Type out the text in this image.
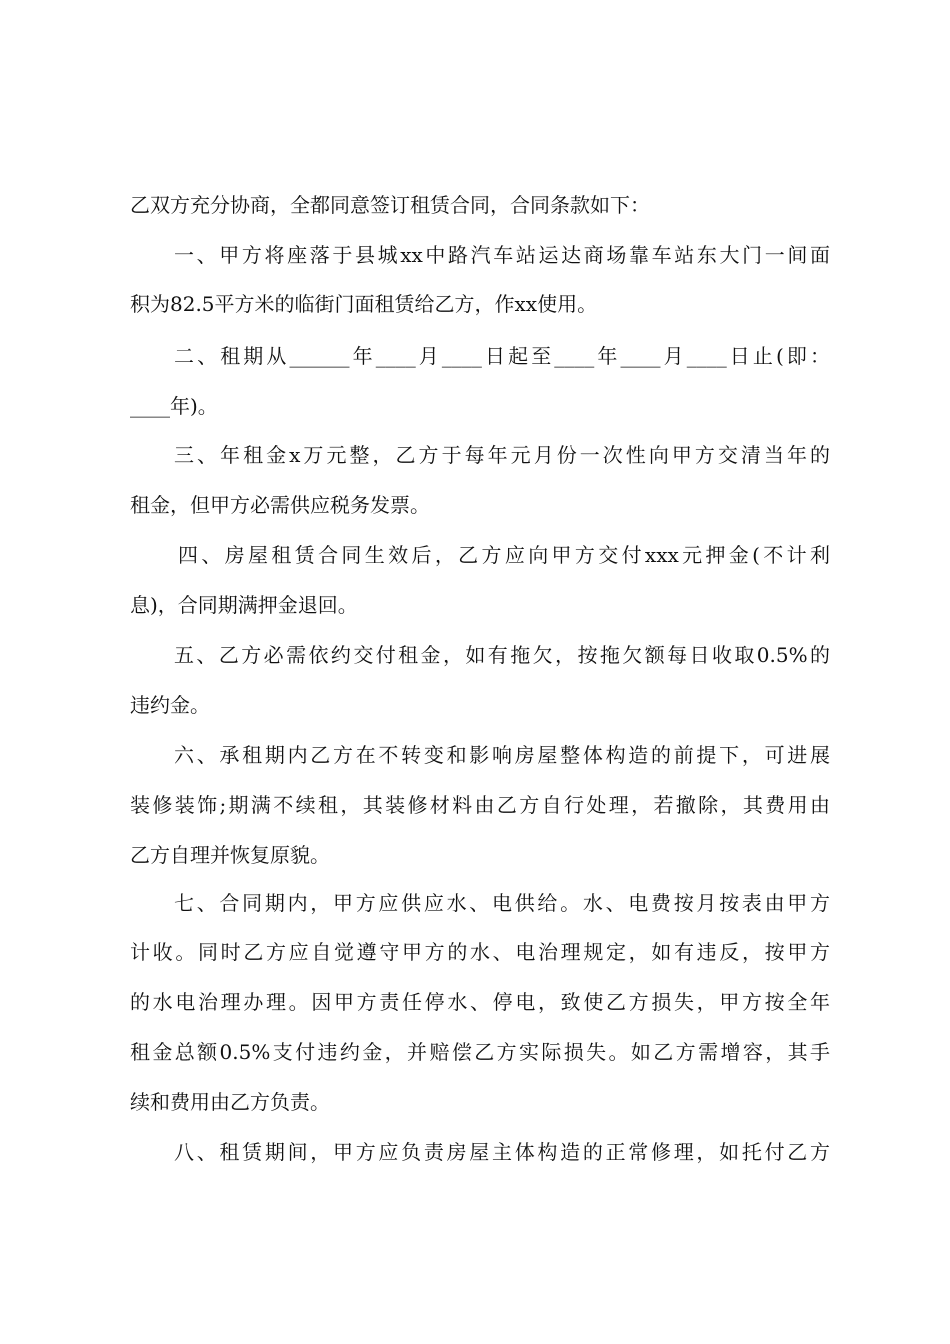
乙双方充分协商，全都同意签订租赁合同，合同条款如下：
一、甲方将座落于县城xx中路汽车站运达商场靠车站东大门一间面
积为82.5平方米的临街门面租赁给乙方，作xx使用。
二、租期从______年____月____日起至____年____月____日止(即：
____年)。
三、年租金x万元整，乙方于每年元月份一次性向甲方交清当年的
租金，但甲方必需供应税务发票。
四、房屋租赁合同生效后，乙方应向甲方交付xxx元押金(不计利
息)，合同期满押金退回。
五、乙方必需依约交付租金，如有拖欠，按拖欠额每日收取0.5%的
违约金。
六、承租期内乙方在不转变和影响房屋整体构造的前提下，可进展
装修装饰;期满不续租，其装修材料由乙方自行处理，若撤除，其费用由
乙方自理并恢复原貌。
七、合同期内，甲方应供应水、电供给。水、电费按月按表由甲方
计收。同时乙方应自觉遵守甲方的水、电治理规定，如有违反，按甲方
的水电治理办理。因甲方责任停水、停电，致使乙方损失，甲方按全年
租金总额0.5%支付违约金，并赔偿乙方实际损失。如乙方需增容，其手
续和费用由乙方负责。
八、租赁期间，甲方应负责房屋主体构造的正常修理，如托付乙方
